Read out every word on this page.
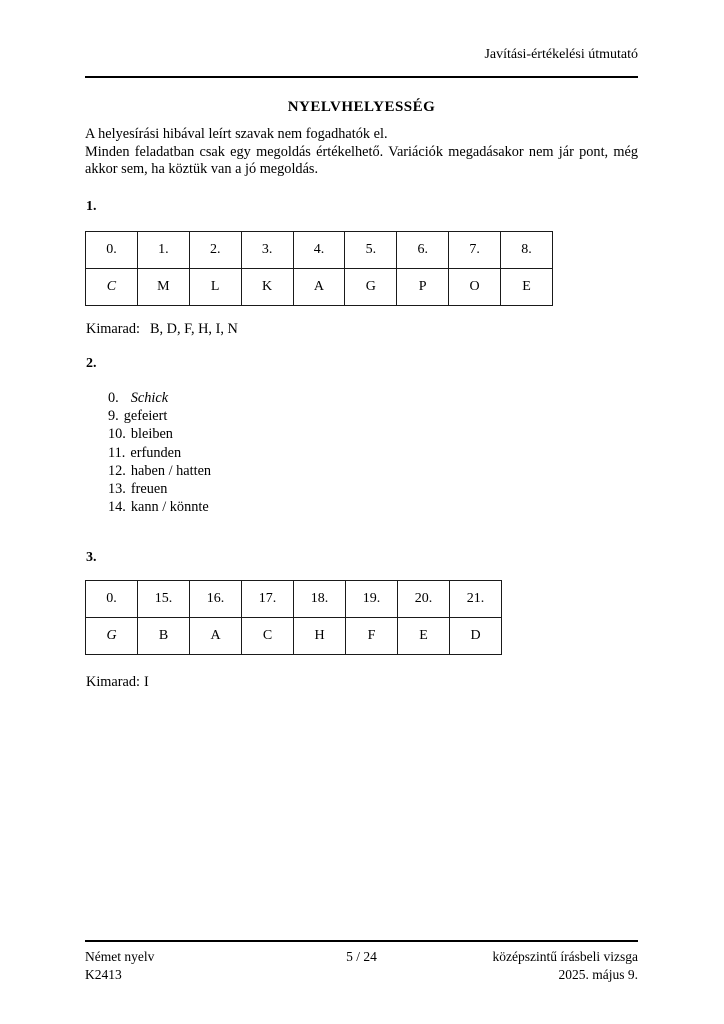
Javítási-értékelési útmutató
NYELVHELYESSÉG
A helyesírási hibával leírt szavak nem fogadhatók el.
Minden feladatban csak egy megoldás értékelhető. Variációk megadásakor nem jár pont, még
akkor sem, ha köztük van a jó megoldás.
1.
0.	1.	2.	3.	4.	5.	6.	7.	8.
C	M	L	K	A	G	P	O	E
Kimarad: B, D, F, H, I, N
2.
0. Schick
9. gefeiert
10. bleiben
11. erfunden
12. haben / hatten
13. freuen
14. kann / könnte
3.
0.	15.	16.	17.	18.	19.	20.	21.
G	B	A	C	H	F	E	D
Kimarad: I
Német nyelv
K2413
5 / 24	középszintű írásbeli vizsga
2025. május 9.
